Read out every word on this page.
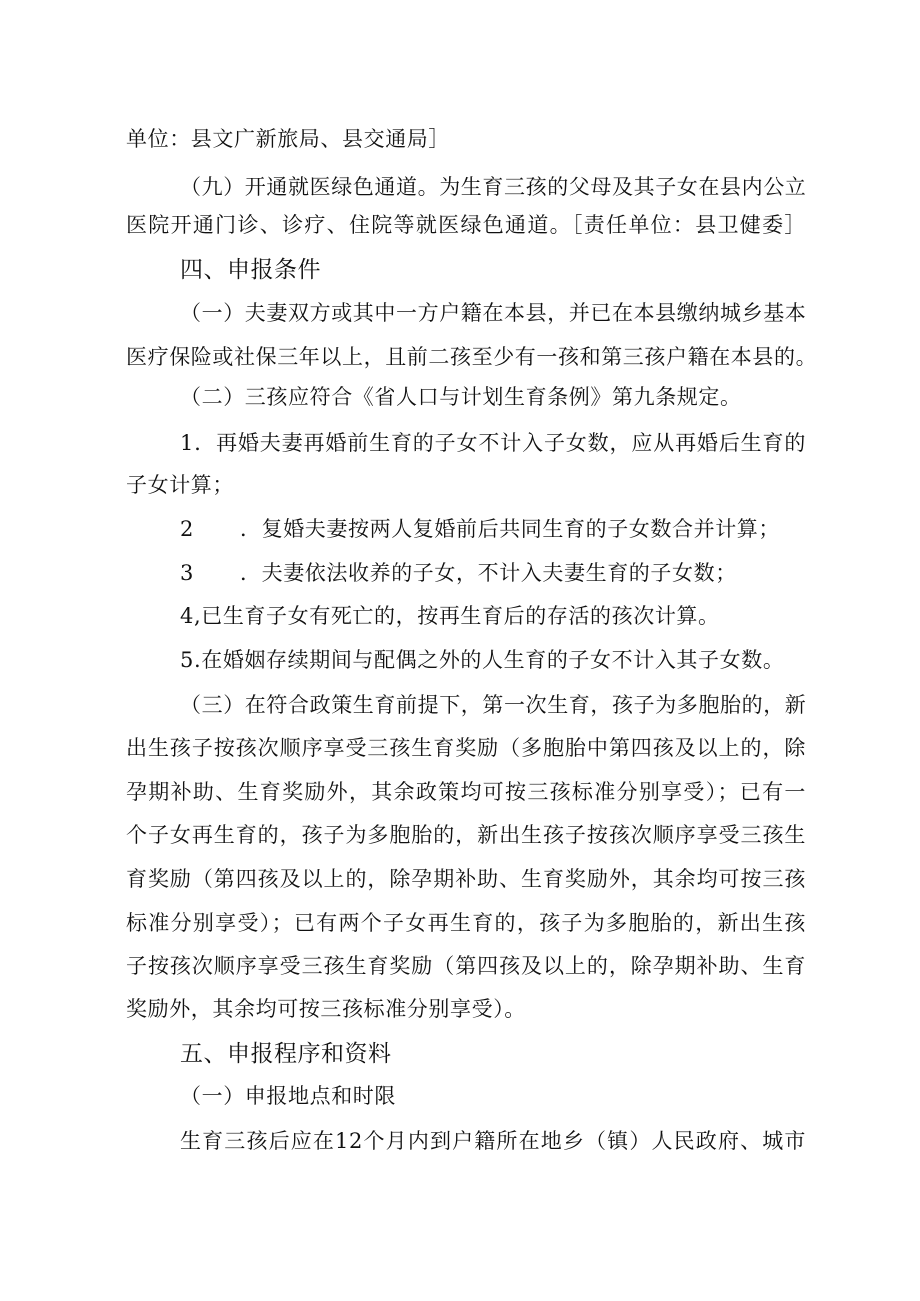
单位：县文广新旅局、县交通局］
（九）开通就医绿色通道。为生育三孩的父母及其子女在县内公立
医院开通门诊、诊疗、住院等就医绿色通道。［责任单位：县卫健委］
四、申报条件
（一）夫妻双方或其中一方户籍在本县，并已在本县缴纳城乡基本
医疗保险或社保三年以上，且前二孩至少有一孩和第三孩户籍在本县的。
（二）三孩应符合《省人口与计划生育条例》第九条规定。
1．再婚夫妻再婚前生育的子女不计入子女数，应从再婚后生育的
子女计算；
2 ．复婚夫妻按两人复婚前后共同生育的子女数合并计算；
3 ．夫妻依法收养的子女，不计入夫妻生育的子女数；
4,已生育子女有死亡的，按再生育后的存活的孩次计算。
5.在婚姻存续期间与配偶之外的人生育的子女不计入其子女数。
（三）在符合政策生育前提下，第一次生育，孩子为多胞胎的，新
出生孩子按孩次顺序享受三孩生育奖励（多胞胎中第四孩及以上的，除
孕期补助、生育奖励外，其余政策均可按三孩标准分别享受）；已有一
个子女再生育的，孩子为多胞胎的，新出生孩子按孩次顺序享受三孩生
育奖励（第四孩及以上的，除孕期补助、生育奖励外，其余均可按三孩
标准分别享受）；已有两个子女再生育的，孩子为多胞胎的，新出生孩
子按孩次顺序享受三孩生育奖励（第四孩及以上的，除孕期补助、生育
奖励外，其余均可按三孩标准分别享受）。
五、申报程序和资料
（一）申报地点和时限
生育三孩后应在12个月内到户籍所在地乡（镇）人民政府、城市
